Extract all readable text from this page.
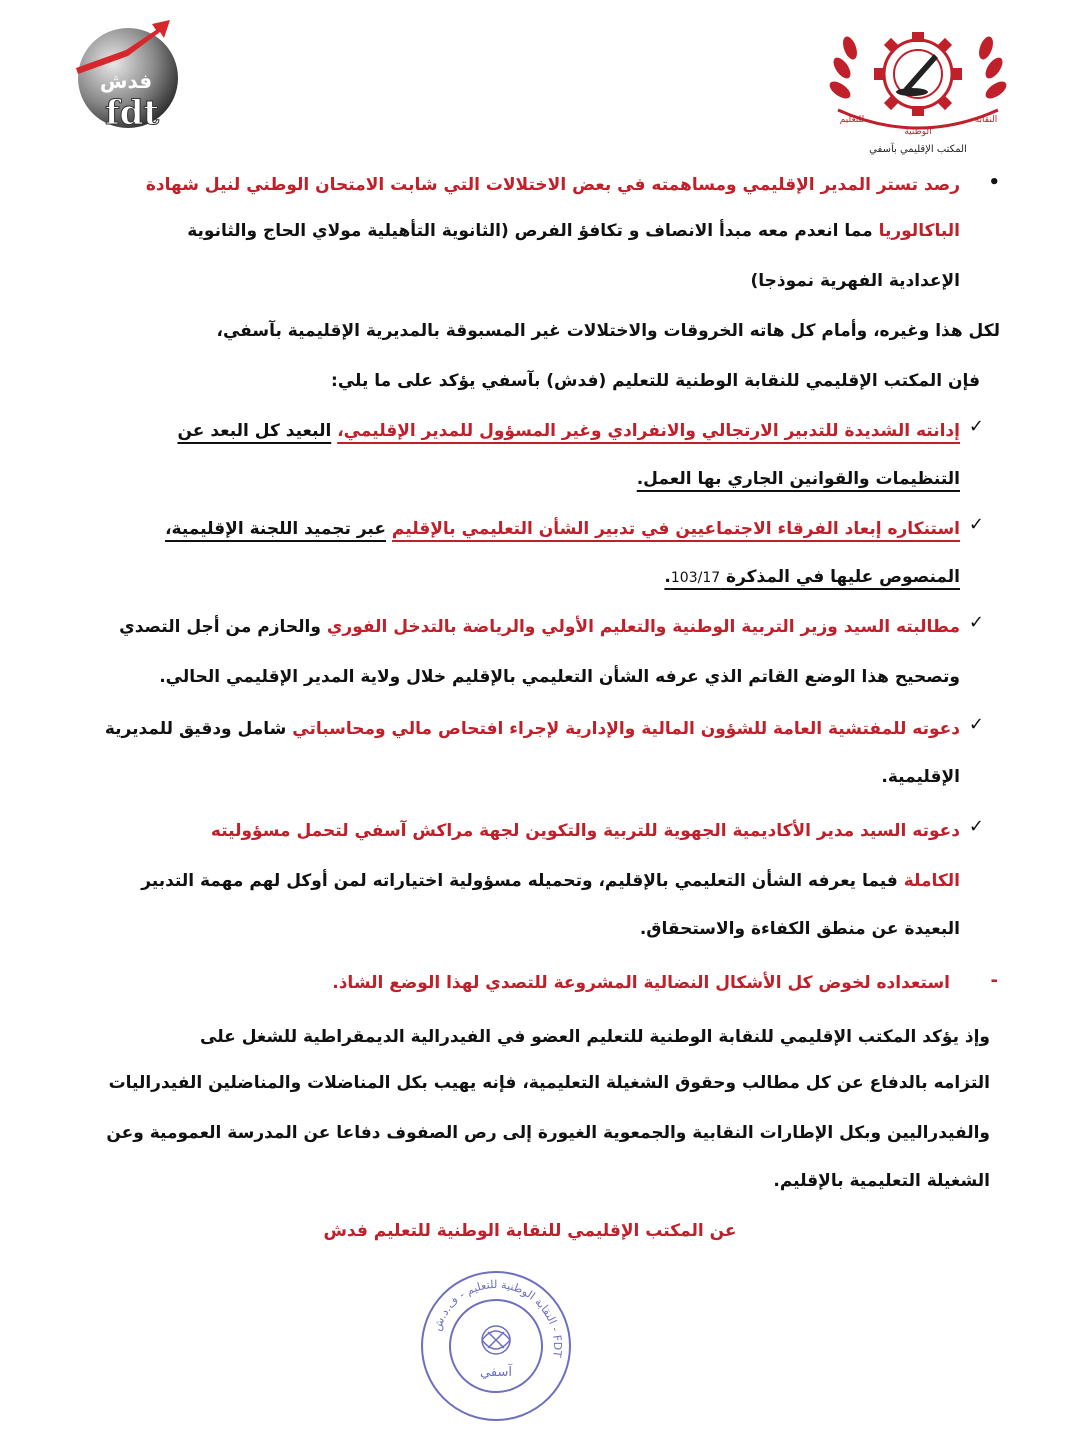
النقابة
الوطنية
للتعليم
المكتب الإقليمي بآسفي
فدش
fdt
•
رصد تستر المدير الإقليمي ومساهمته في بعض الاختلالات التي شابت الامتحان الوطني لنيل شهادة
الباكالوريا مما انعدم معه مبدأ الانصاف و تكافؤ الفرص (الثانوية التأهيلية مولاي الحاج والثانوية
الإعدادية الفهرية نموذجا)
لكل هذا وغيره، وأمام كل هاته الخروقات والاختلالات غير المسبوقة بالمديرية الإقليمية بآسفي،
فإن المكتب الإقليمي للنقابة الوطنية للتعليم (فدش) بآسفي يؤكد على ما يلي:
✓
إدانته الشديدة للتدبير الارتجالي والانفرادي وغير المسؤول للمدير الإقليمي، البعيد كل البعد عن
التنظيمات والقوانين الجاري بها العمل.
✓
استنكاره إبعاد الفرقاء الاجتماعيين في تدبير الشأن التعليمي بالإقليم عبر تجميد اللجنة الإقليمية،
المنصوص عليها في المذكرة 103/17.
✓
مطالبته السيد وزير التربية الوطنية والتعليم الأولي والرياضة بالتدخل الفوري والحازم من أجل التصدي
وتصحيح هذا الوضع القاتم الذي عرفه الشأن التعليمي بالإقليم خلال ولاية المدير الإقليمي الحالي.
✓
دعوته للمفتشية العامة للشؤون المالية والإدارية لإجراء افتحاص مالي ومحاسباتي شامل ودقيق للمديرية
الإقليمية.
✓
دعوته السيد مدير الأكاديمية الجهوية للتربية والتكوين لجهة مراكش آسفي لتحمل مسؤوليته
الكاملة فيما يعرفه الشأن التعليمي بالإقليم، وتحميله مسؤولية اختياراته لمن أوكل لهم مهمة التدبير
البعيدة عن منطق الكفاءة والاستحقاق.
-
استعداده لخوض كل الأشكال النضالية المشروعة للتصدي لهذا الوضع الشاذ.
وإذ يؤكد المكتب الإقليمي للنقابة الوطنية للتعليم العضو في الفيدرالية الديمقراطية للشغل على
التزامه بالدفاع عن كل مطالب وحقوق الشغيلة التعليمية، فإنه يهيب بكل المناضلات والمناضلين الفيدراليات
والفيدراليين وبكل الإطارات النقابية والجمعوية الغيورة إلى رص الصفوف دفاعا عن المدرسة العمومية وعن
الشغيلة التعليمية بالإقليم.
عن المكتب الإقليمي للنقابة الوطنية للتعليم فدش
النقابة الوطنية للتعليم - ف.د.ش - FDT
آسفي
